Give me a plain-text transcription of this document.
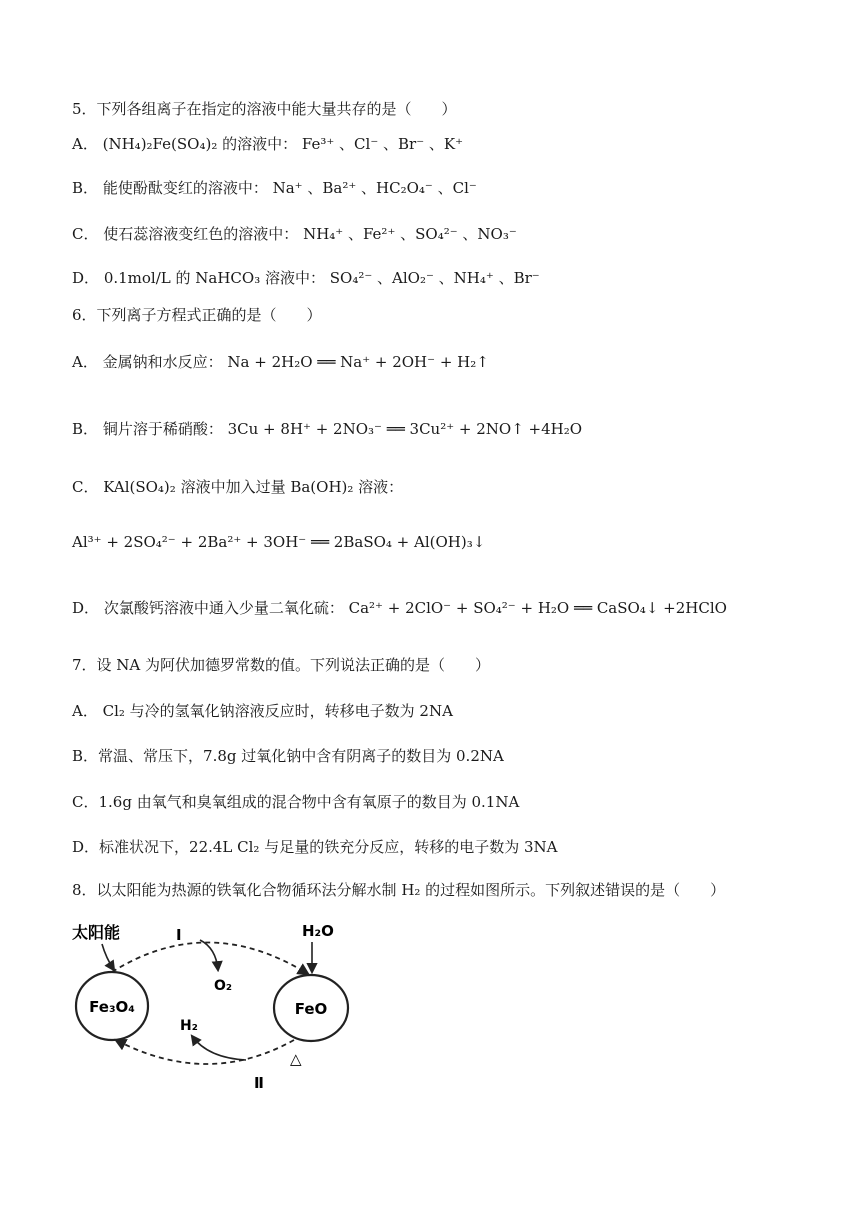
5．下列各组离子在指定的溶液中能大量共存的是（　　）
A． (NH₄)₂Fe(SO₄)₂ 的溶液中： Fe³⁺ 、Cl⁻ 、Br⁻ 、K⁺
B． 能使酚酞变红的溶液中： Na⁺ 、Ba²⁺ 、HC₂O₄⁻ 、Cl⁻
C． 使石蕊溶液变红色的溶液中： NH₄⁺ 、Fe²⁺ 、SO₄²⁻ 、NO₃⁻
D． 0.1mol/L 的 NaHCO₃ 溶液中： SO₄²⁻ 、AlO₂⁻ 、NH₄⁺ 、Br⁻
6．下列离子方程式正确的是（　　）
A． 金属钠和水反应： Na + 2H₂O ══ Na⁺ + 2OH⁻ + H₂↑
B． 铜片溶于稀硝酸： 3Cu + 8H⁺ + 2NO₃⁻ ══ 3Cu²⁺ + 2NO↑ +4H₂O
C． KAl(SO₄)₂ 溶液中加入过量 Ba(OH)₂ 溶液：
Al³⁺ + 2SO₄²⁻ + 2Ba²⁺ + 3OH⁻ ══ 2BaSO₄ + Al(OH)₃↓
D． 次氯酸钙溶液中通入少量二氧化硫： Ca²⁺ + 2ClO⁻ + SO₄²⁻ + H₂O ══ CaSO₄↓ +2HClO
7．设 NA 为阿伏加德罗常数的值。下列说法正确的是（　　）
A． Cl₂ 与冷的氢氧化钠溶液反应时，转移电子数为 2NA
B．常温、常压下，7.8g 过氧化钠中含有阴离子的数目为 0.2NA
C．1.6g 由氧气和臭氧组成的混合物中含有氧原子的数目为 0.1NA
D．标准状况下，22.4L Cl₂ 与足量的铁充分反应，转移的电子数为 3NA
8．以太阳能为热源的铁氧化合物循环法分解水制 H₂ 的过程如图所示。下列叙述错误的是（　　）
Fe₃O₄	FeO
太阳能	I
O₂
H₂O
Ⅱ
△
H₂
